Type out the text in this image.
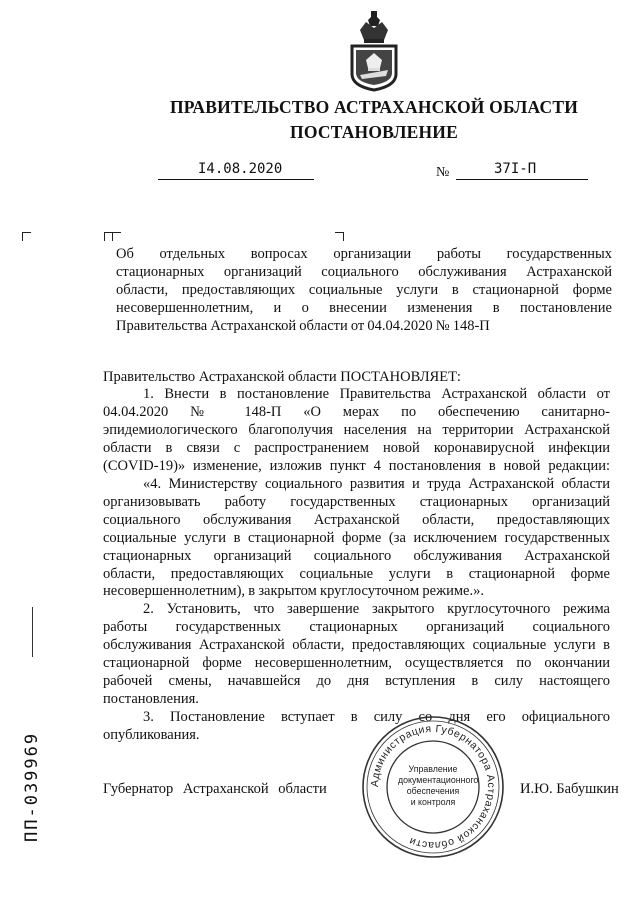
ПРАВИТЕЛЬСТВО АСТРАХАНСКОЙ ОБЛАСТИ
ПОСТАНОВЛЕНИЕ
I4.08.2020	№	37I-П
Об отдельных вопросах организации работы государственных
стационарных организаций социального обслуживания Астраханской
области, предоставляющих социальные услуги в стационарной форме
несовершеннолетним, и о внесении изменения в постановление
Правительства Астраханской области от 04.04.2020 № 148-П
Правительство Астраханской области ПОСТАНОВЛЯЕТ:
1. Внести в постановление Правительства Астраханской области от
04.04.2020 № 148-П «О мерах по обеспечению санитарно-
эпидемиологического благополучия населения на территории Астраханской
области в связи с распространением новой коронавирусной инфекции
(COVID-19)» изменение, изложив пункт 4 постановления в новой редакции:
«4. Министерству социального развития и труда Астраханской области
организовывать работу государственных стационарных организаций
социального обслуживания Астраханской области, предоставляющих
социальные услуги в стационарной форме (за исключением государственных
стационарных организаций социального обслуживания Астраханской
области, предоставляющих социальные услуги в стационарной форме
несовершеннолетним), в закрытом круглосуточном режиме.».
2. Установить, что завершение закрытого круглосуточного режима
работы государственных стационарных организаций социального
обслуживания Астраханской области, предоставляющих социальные услуги в
стационарной форме несовершеннолетним, осуществляется по окончании
рабочей смены, начавшейся до дня вступления в силу настоящего
постановления.
3. Постановление вступает в силу со дня его официального
опубликования.
Губернатор Астраханской области	И.Ю. Бабушкин
Администрация Губернатора Астраханской области
Управление
документационного
обеспечения
и контроля
ПП-039969
